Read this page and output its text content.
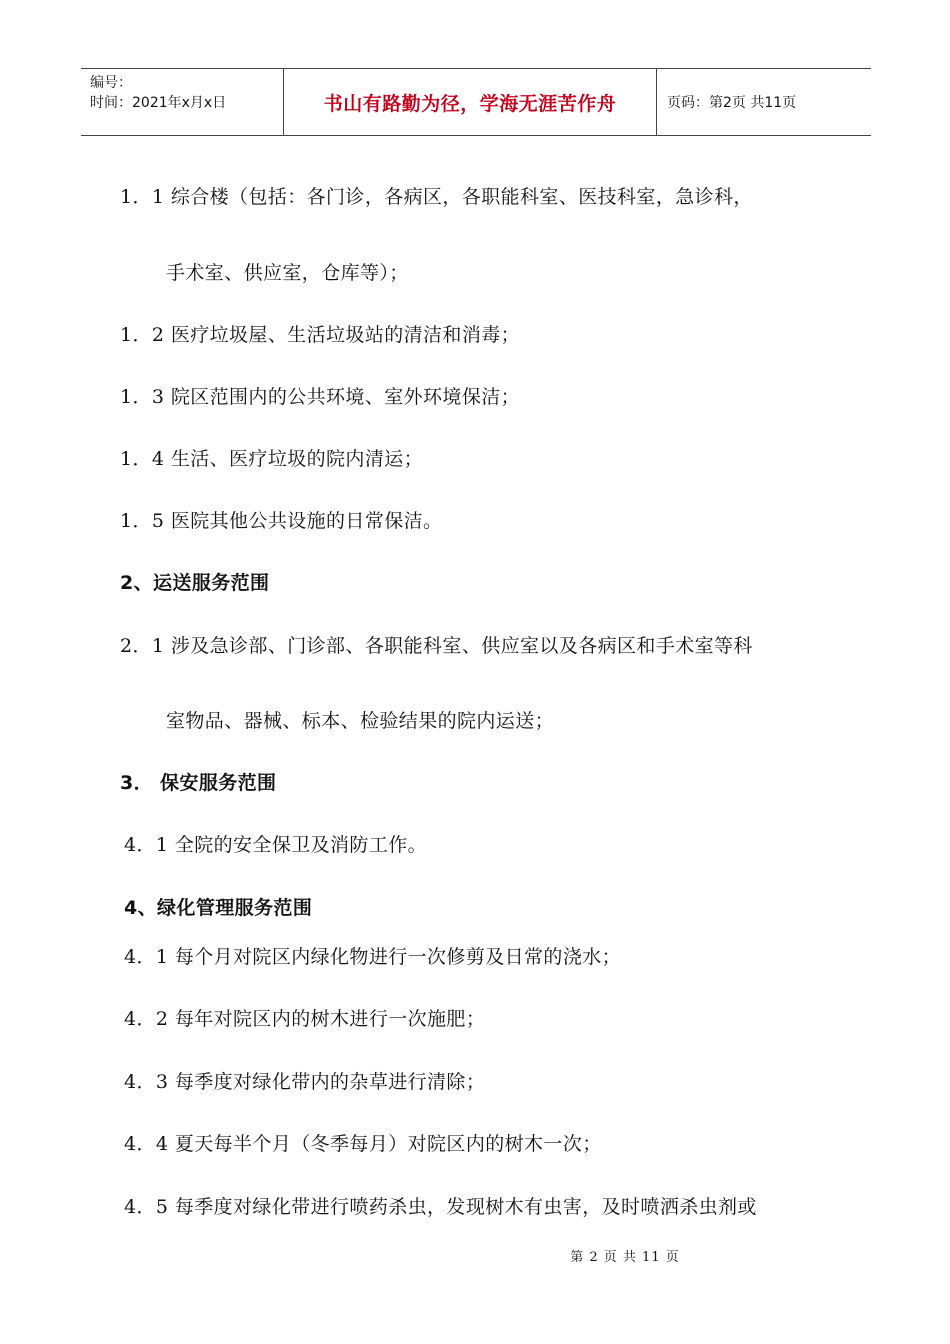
编号：
时间：2021年x月x日	书山有路勤为径，学海无涯苦作舟	页码：第2页 共11页
1．1 综合楼（包括：各门诊，各病区，各职能科室、医技科室，急诊科，
手术室、供应室，仓库等）；
1．2 医疗垃圾屋、生活垃圾站的清洁和消毒；
1．3 院区范围内的公共环境、室外环境保洁；
1．4 生活、医疗垃圾的院内清运；
1．5 医院其他公共设施的日常保洁。
2、运送服务范围
2．1 涉及急诊部、门诊部、各职能科室、供应室以及各病区和手术室等科
室物品、器械、标本、检验结果的院内运送；
3． 保安服务范围
4．1 全院的安全保卫及消防工作。
4、绿化管理服务范围
4．1 每个月对院区内绿化物进行一次修剪及日常的浇水；
4．2 每年对院区内的树木进行一次施肥；
4．3 每季度对绿化带内的杂草进行清除；
4．4 夏天每半个月（冬季每月）对院区内的树木一次；
4．5 每季度对绿化带进行喷药杀虫，发现树木有虫害，及时喷洒杀虫剂或
第 2 页 共 11 页
